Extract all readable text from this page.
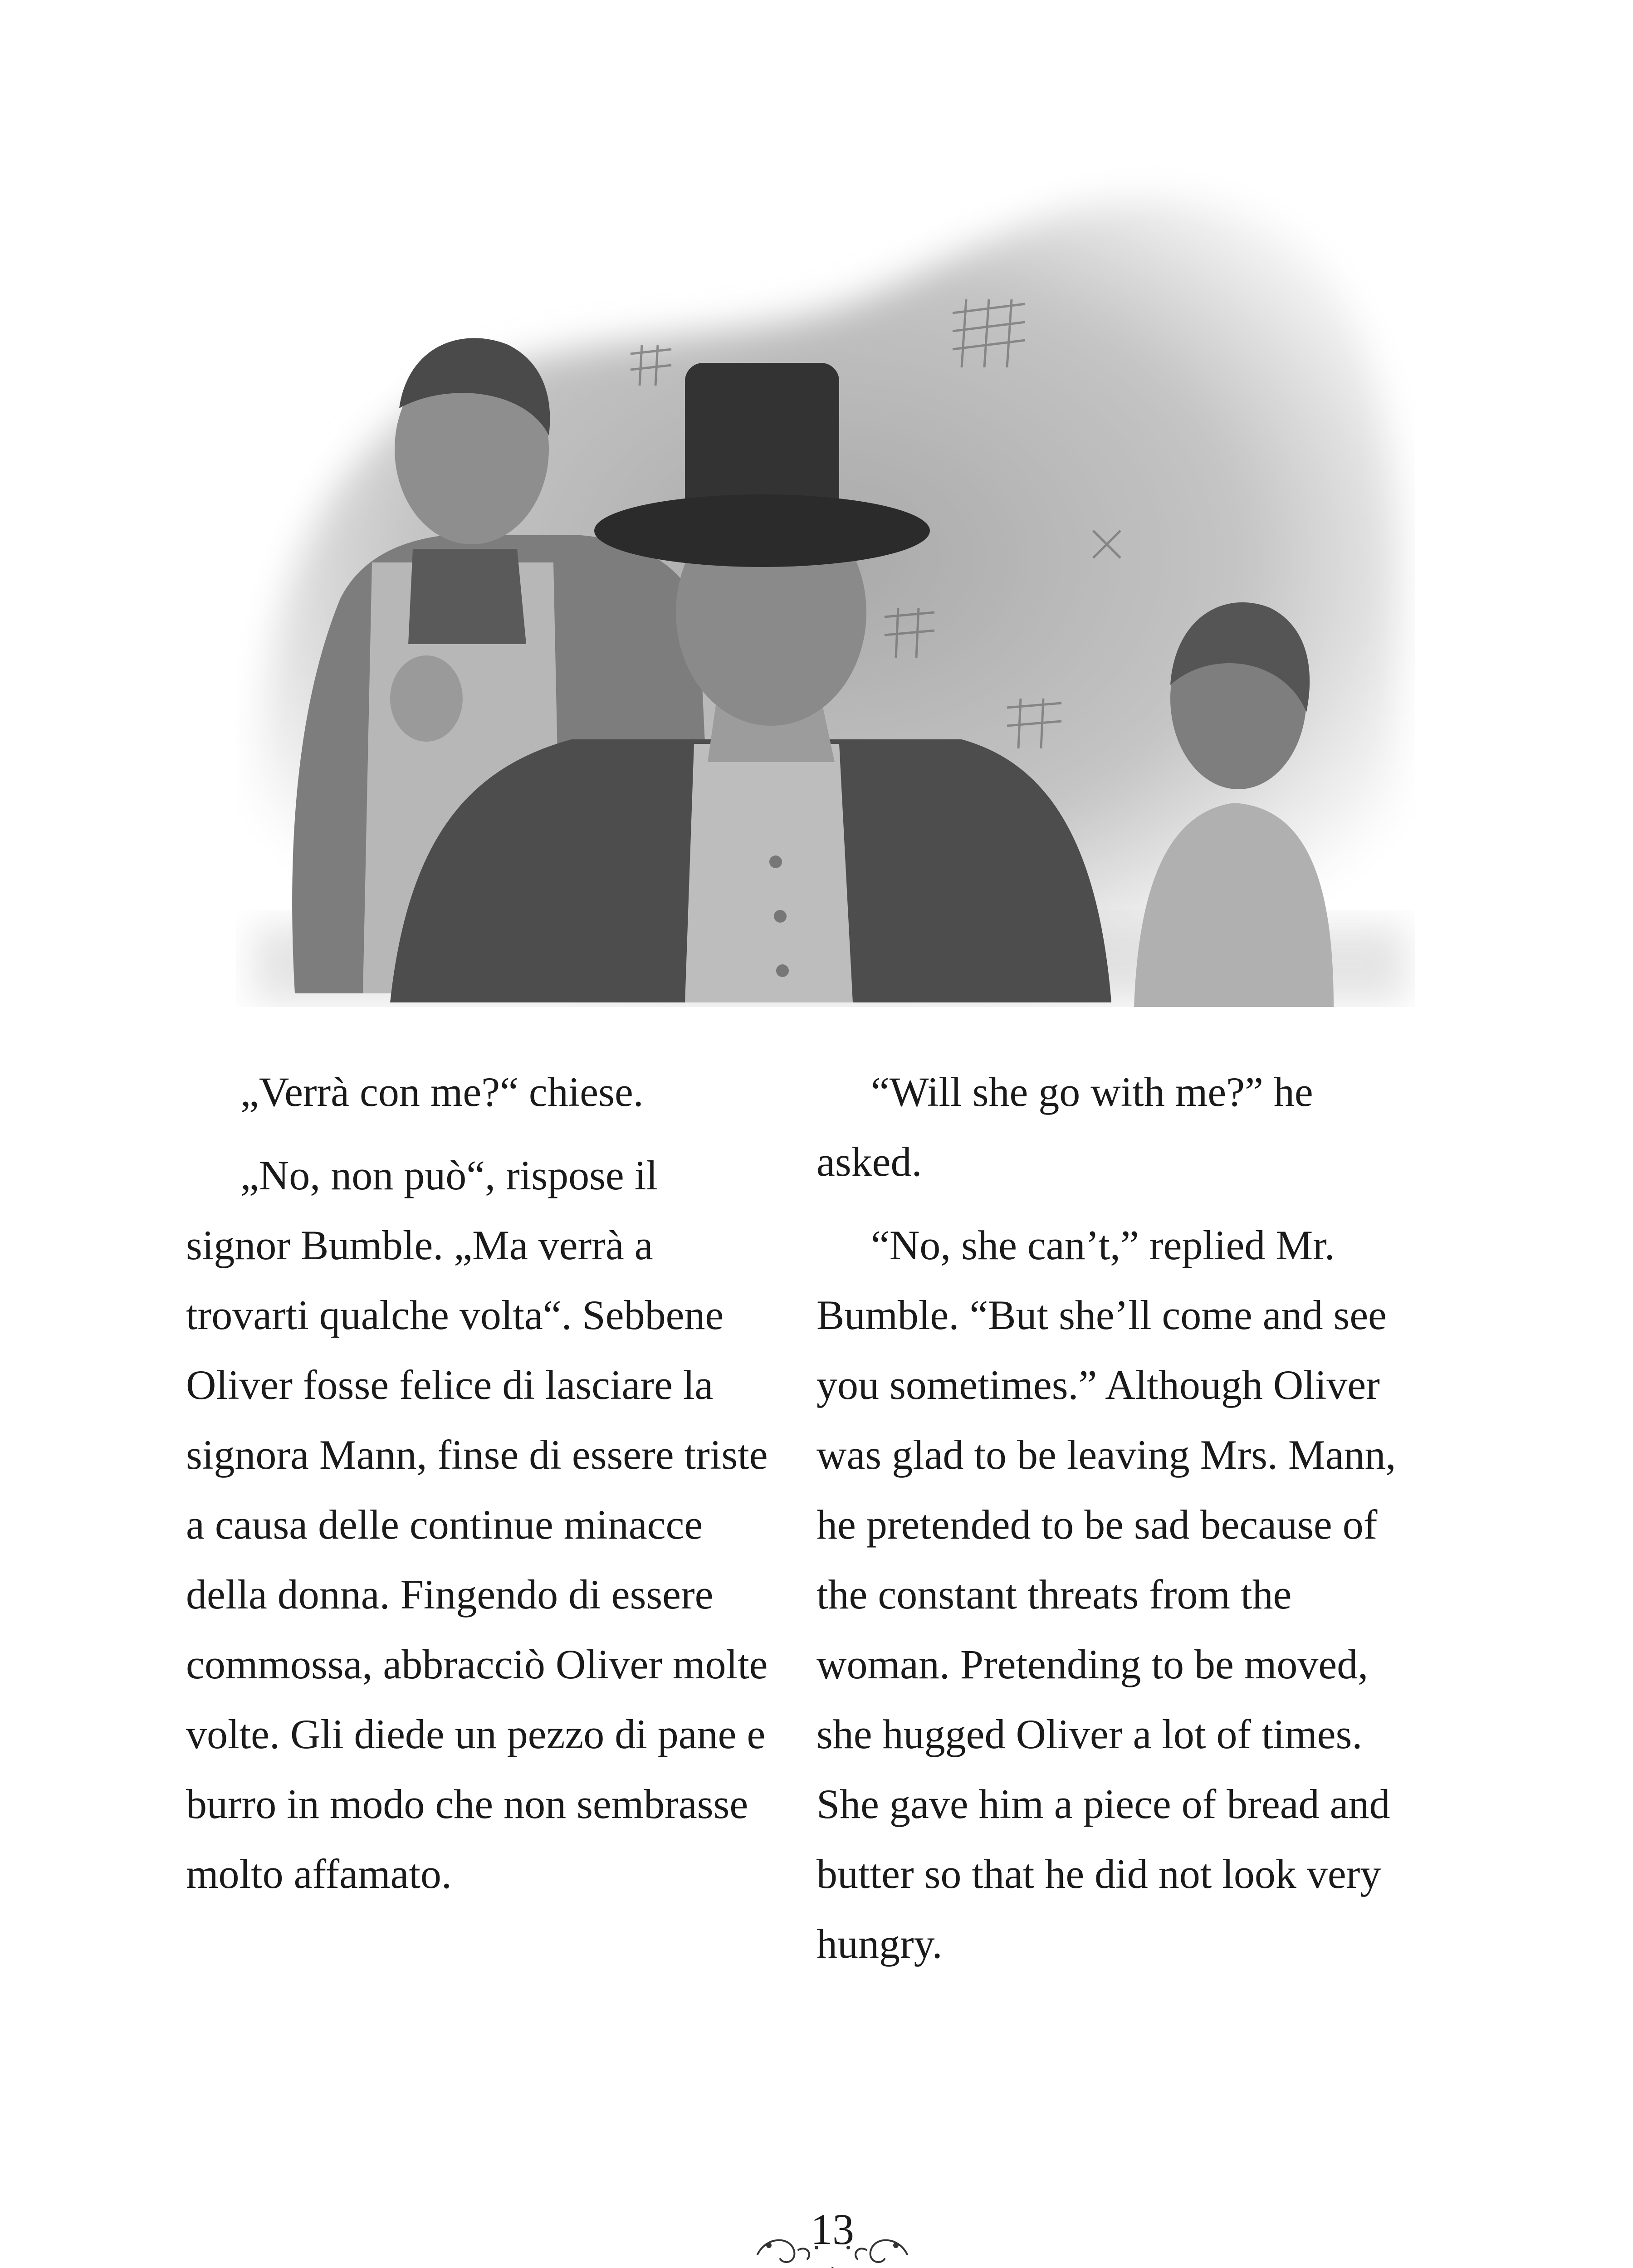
„Verrà con me?“ chiese.

„No, non può“, rispose il signor Bumble. „Ma verrà a trovarti qualche volta“. Sebbene Oliver fosse felice di lasciare la signora Mann, finse di essere triste a causa delle continue minacce della donna. Fingendo di essere commossa, abbracciò Oliver molte volte. Gli diede un pezzo di pane e burro in modo che non sembrasse molto affamato.

“Will she go with me?” he asked.

“No, she can’t,” replied Mr. Bumble. “But she’ll come and see you sometimes.” Although Oliver was glad to be leaving Mrs. Mann, he pretended to be sad because of the constant threats from the woman. Pretending to be moved, she hugged Oliver a lot of times. She gave him a piece of bread and butter so that he did not look very hungry.

13
